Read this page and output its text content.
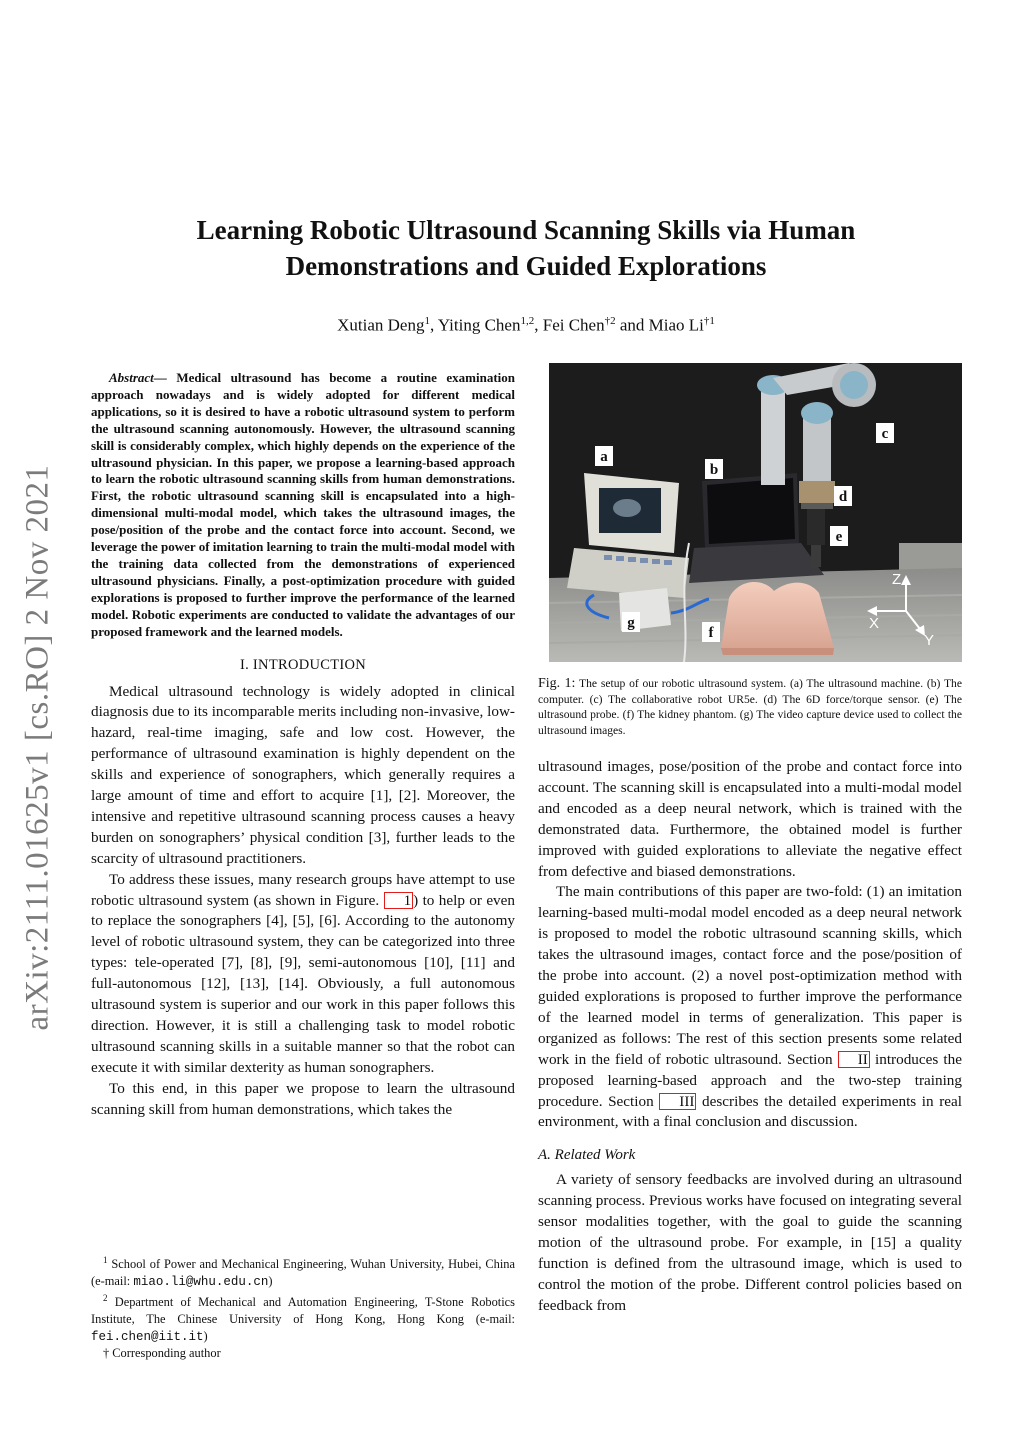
arXiv:2111.01625v1 [cs.RO] 2 Nov 2021
Learning Robotic Ultrasound Scanning Skills via Human
Demonstrations and Guided Explorations
Xutian Deng$^1$, Yiting Chen$^{1,2}$, Fei Chen$^{\dagger 2}$ and Miao Li$^{\dagger 1}$

Abstract— Medical ultrasound has become a routine examination approach nowadays and is widely adopted for different medical applications, so it is desired to have a robotic ultrasound system to perform the ultrasound scanning autonomously. However, the ultrasound scanning skill is considerably complex, which highly depends on the experience of the ultrasound physician. In this paper, we propose a learning-based approach to learn the robotic ultrasound scanning skills from human demonstrations. First, the robotic ultrasound scanning skill is encapsulated into a high-dimensional multi-modal model, which takes the ultrasound images, the pose/position of the probe and the contact force into account. Second, we leverage the power of imitation learning to train the multi-modal model with the training data collected from the demonstrations of experienced ultrasound physicians. Finally, a post-optimization procedure with guided explorations is proposed to further improve the performance of the learned model. Robotic experiments are conducted to validate the advantages of our proposed framework and the learned models.

I. INTRODUCTION

Medical ultrasound technology is widely adopted in clinical diagnosis due to its incomparable merits including non-invasive, low-hazard, real-time imaging, safe and low cost. However, the performance of ultrasound examination is highly dependent on the skills and experience of sonographers, which generally requires a large amount of time and effort to acquire [1], [2]. Moreover, the intensive and repetitive ultrasound scanning process causes a heavy burden on sonographers’ physical condition [3], further leads to the scarcity of ultrasound practitioners.

To address these issues, many research groups have attempt to use robotic ultrasound system (as shown in Figure. 1 ) to help or even to replace the sonographers [4], [5], [6]. According to the autonomy level of robotic ultrasound system, they can be categorized into three types: tele-operated [7], [8], [9], semi-autonomous [10], [11] and full-autonomous [12], [13], [14]. Obviously, a full autonomous ultrasound system is superior and our work in this paper follows this direction. However, it is still a challenging task to model robotic ultrasound scanning skills in a suitable manner so that the robot can execute it with similar dexterity as human sonographers.

To this end, in this paper we propose to learn the ultrasound scanning skill from human demonstrations, which takes the

$^1$ School of Power and Mechanical Engineering, Wuhan University, Hubei, China (e-mail: miao.li@whu.edu.cn)

$^2$ Department of Mechanical and Automation Engineering, T-Stone Robotics Institute, The Chinese University of Hong Kong, Hong Kong (e-mail: fei.chen@iit.it)

† Corresponding author

a
b
c
d
e
f
g
Z
X
Y
Fig. 1: The setup of our robotic ultrasound system. (a) The ultrasound machine. (b) The computer. (c) The collaborative robot UR5e. (d) The 6D force/torque sensor. (e) The ultrasound probe. (f) The kidney phantom. (g) The video capture device used to collect the ultrasound images.

ultrasound images, pose/position of the probe and contact force into account. The scanning skill is encapsulated into a multi-modal model and encoded as a deep neural network, which is trained with the demonstrated data. Furthermore, the obtained model is further improved with guided explorations to alleviate the negative effect from defective and biased demonstrations.

The main contributions of this paper are two-fold: (1) an imitation learning-based multi-modal model encoded as a deep neural network is proposed to model the robotic ultrasound scanning skills, which takes the ultrasound images, contact force and the pose/position of the probe into account. (2) a novel post-optimization method with guided explorations is proposed to further improve the performance of the learned model in terms of generalization. This paper is organized as follows: The rest of this section presents some related work in the field of robotic ultrasound. Section II introduces the proposed learning-based approach and the two-step training procedure. Section III describes the detailed experiments in real environment, with a final conclusion and discussion.

A. Related Work

A variety of sensory feedbacks are involved during an ultrasound scanning process. Previous works have focused on integrating several sensor modalities together, with the goal to guide the scanning motion of the ultrasound probe. For example, in [15] a quality function is defined from the ultrasound image, which is used to control the motion of the probe. Different control policies based on feedback from
